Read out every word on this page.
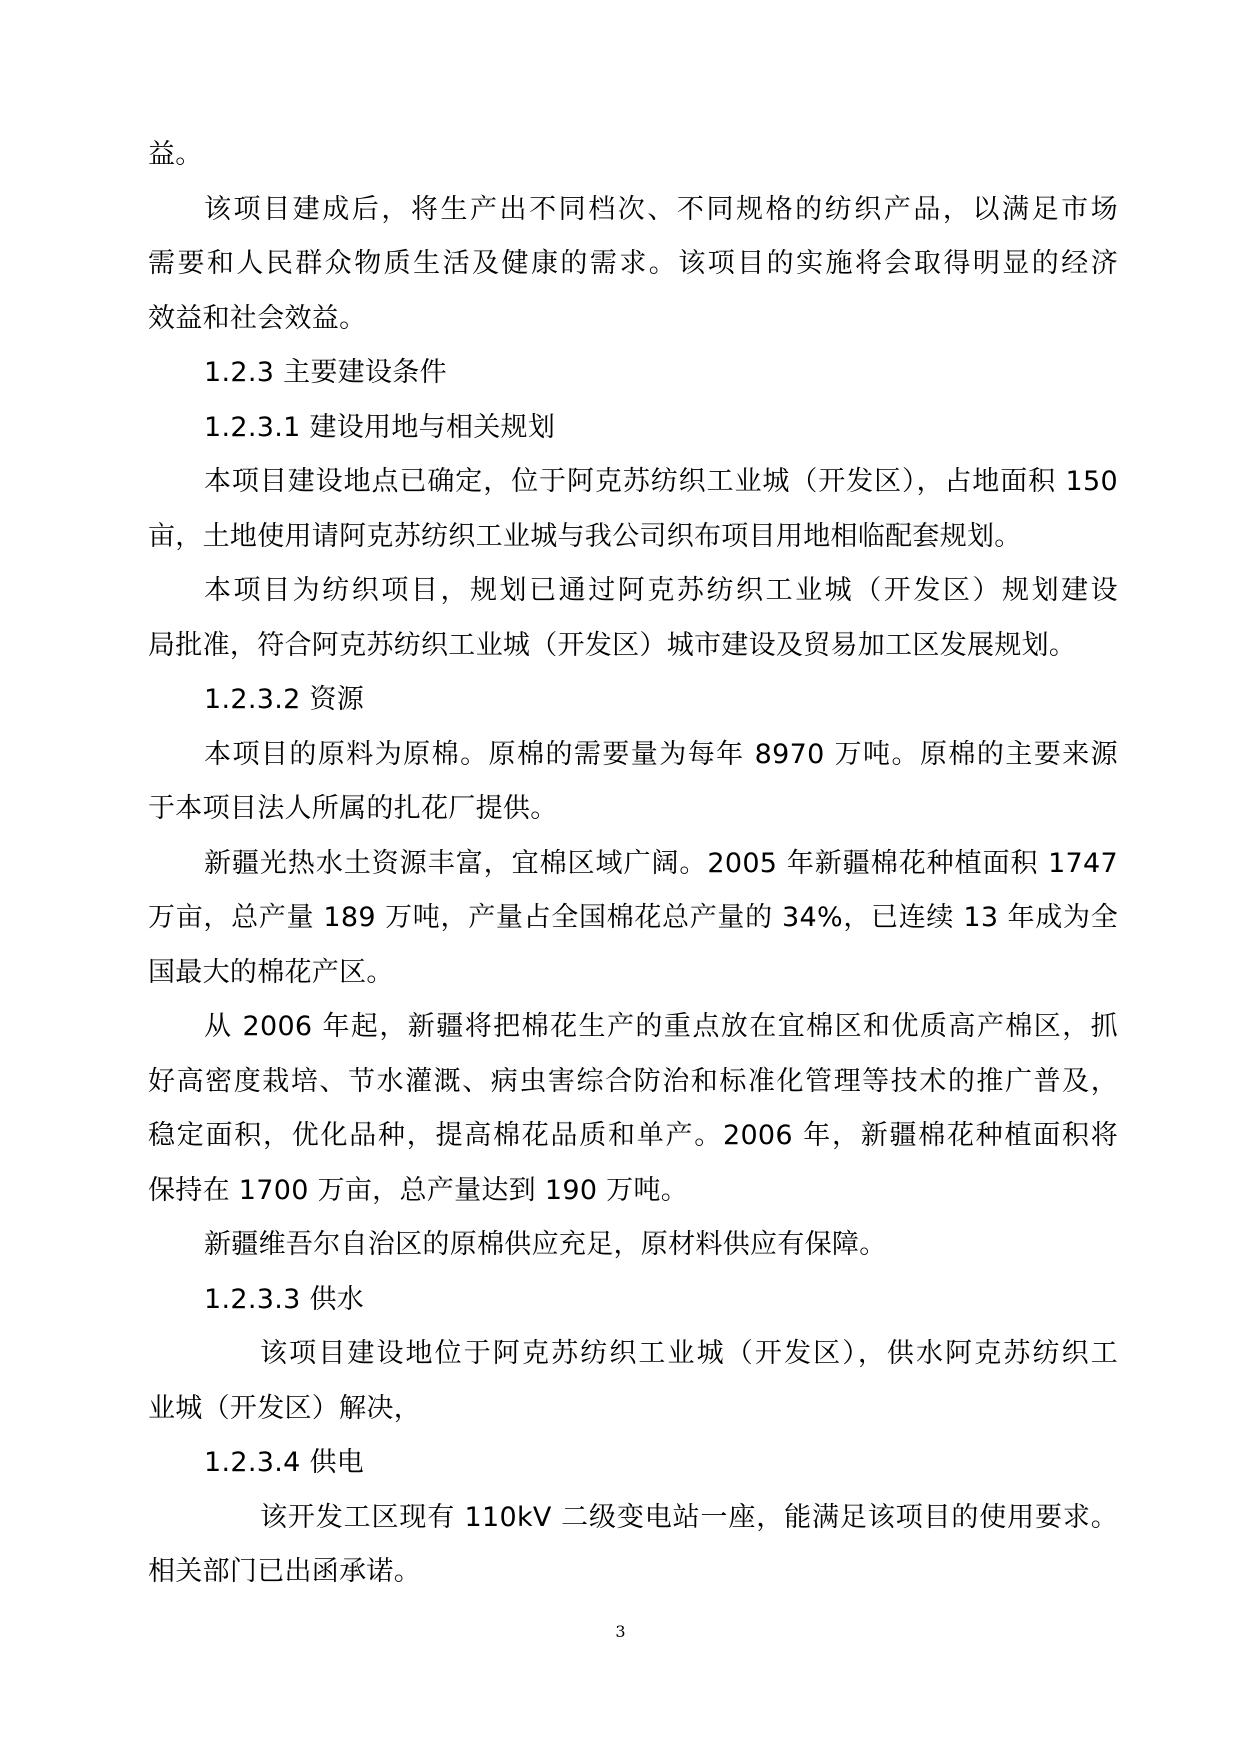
益。
该项目建成后，将生产出不同档次、不同规格的纺织产品，以满足市场
需要和人民群众物质生活及健康的需求。该项目的实施将会取得明显的经济
效益和社会效益。
1.2.3 主要建设条件
1.2.3.1 建设用地与相关规划
本项目建设地点已确定，位于阿克苏纺织工业城（开发区），占地面积 150
亩，土地使用请阿克苏纺织工业城与我公司织布项目用地相临配套规划。
本项目为纺织项目，规划已通过阿克苏纺织工业城（开发区）规划建设
局批准，符合阿克苏纺织工业城（开发区）城市建设及贸易加工区发展规划。
1.2.3.2 资源
本项目的原料为原棉。原棉的需要量为每年 8970 万吨。原棉的主要来源
于本项目法人所属的扎花厂提供。
新疆光热水土资源丰富，宜棉区域广阔。2005 年新疆棉花种植面积 1747
万亩，总产量 189 万吨，产量占全国棉花总产量的 34%，已连续 13 年成为全
国最大的棉花产区。
从 2006 年起，新疆将把棉花生产的重点放在宜棉区和优质高产棉区，抓
好高密度栽培、节水灌溉、病虫害综合防治和标准化管理等技术的推广普及，
稳定面积，优化品种，提高棉花品质和单产。2006 年，新疆棉花种植面积将
保持在 1700 万亩，总产量达到 190 万吨。
新疆维吾尔自治区的原棉供应充足，原材料供应有保障。
1.2.3.3 供水
该项目建设地位于阿克苏纺织工业城（开发区），供水阿克苏纺织工
业城（开发区）解决，
1.2.3.4 供电
该开发工区现有 110kV 二级变电站一座，能满足该项目的使用要求。
相关部门已出函承诺。
3
